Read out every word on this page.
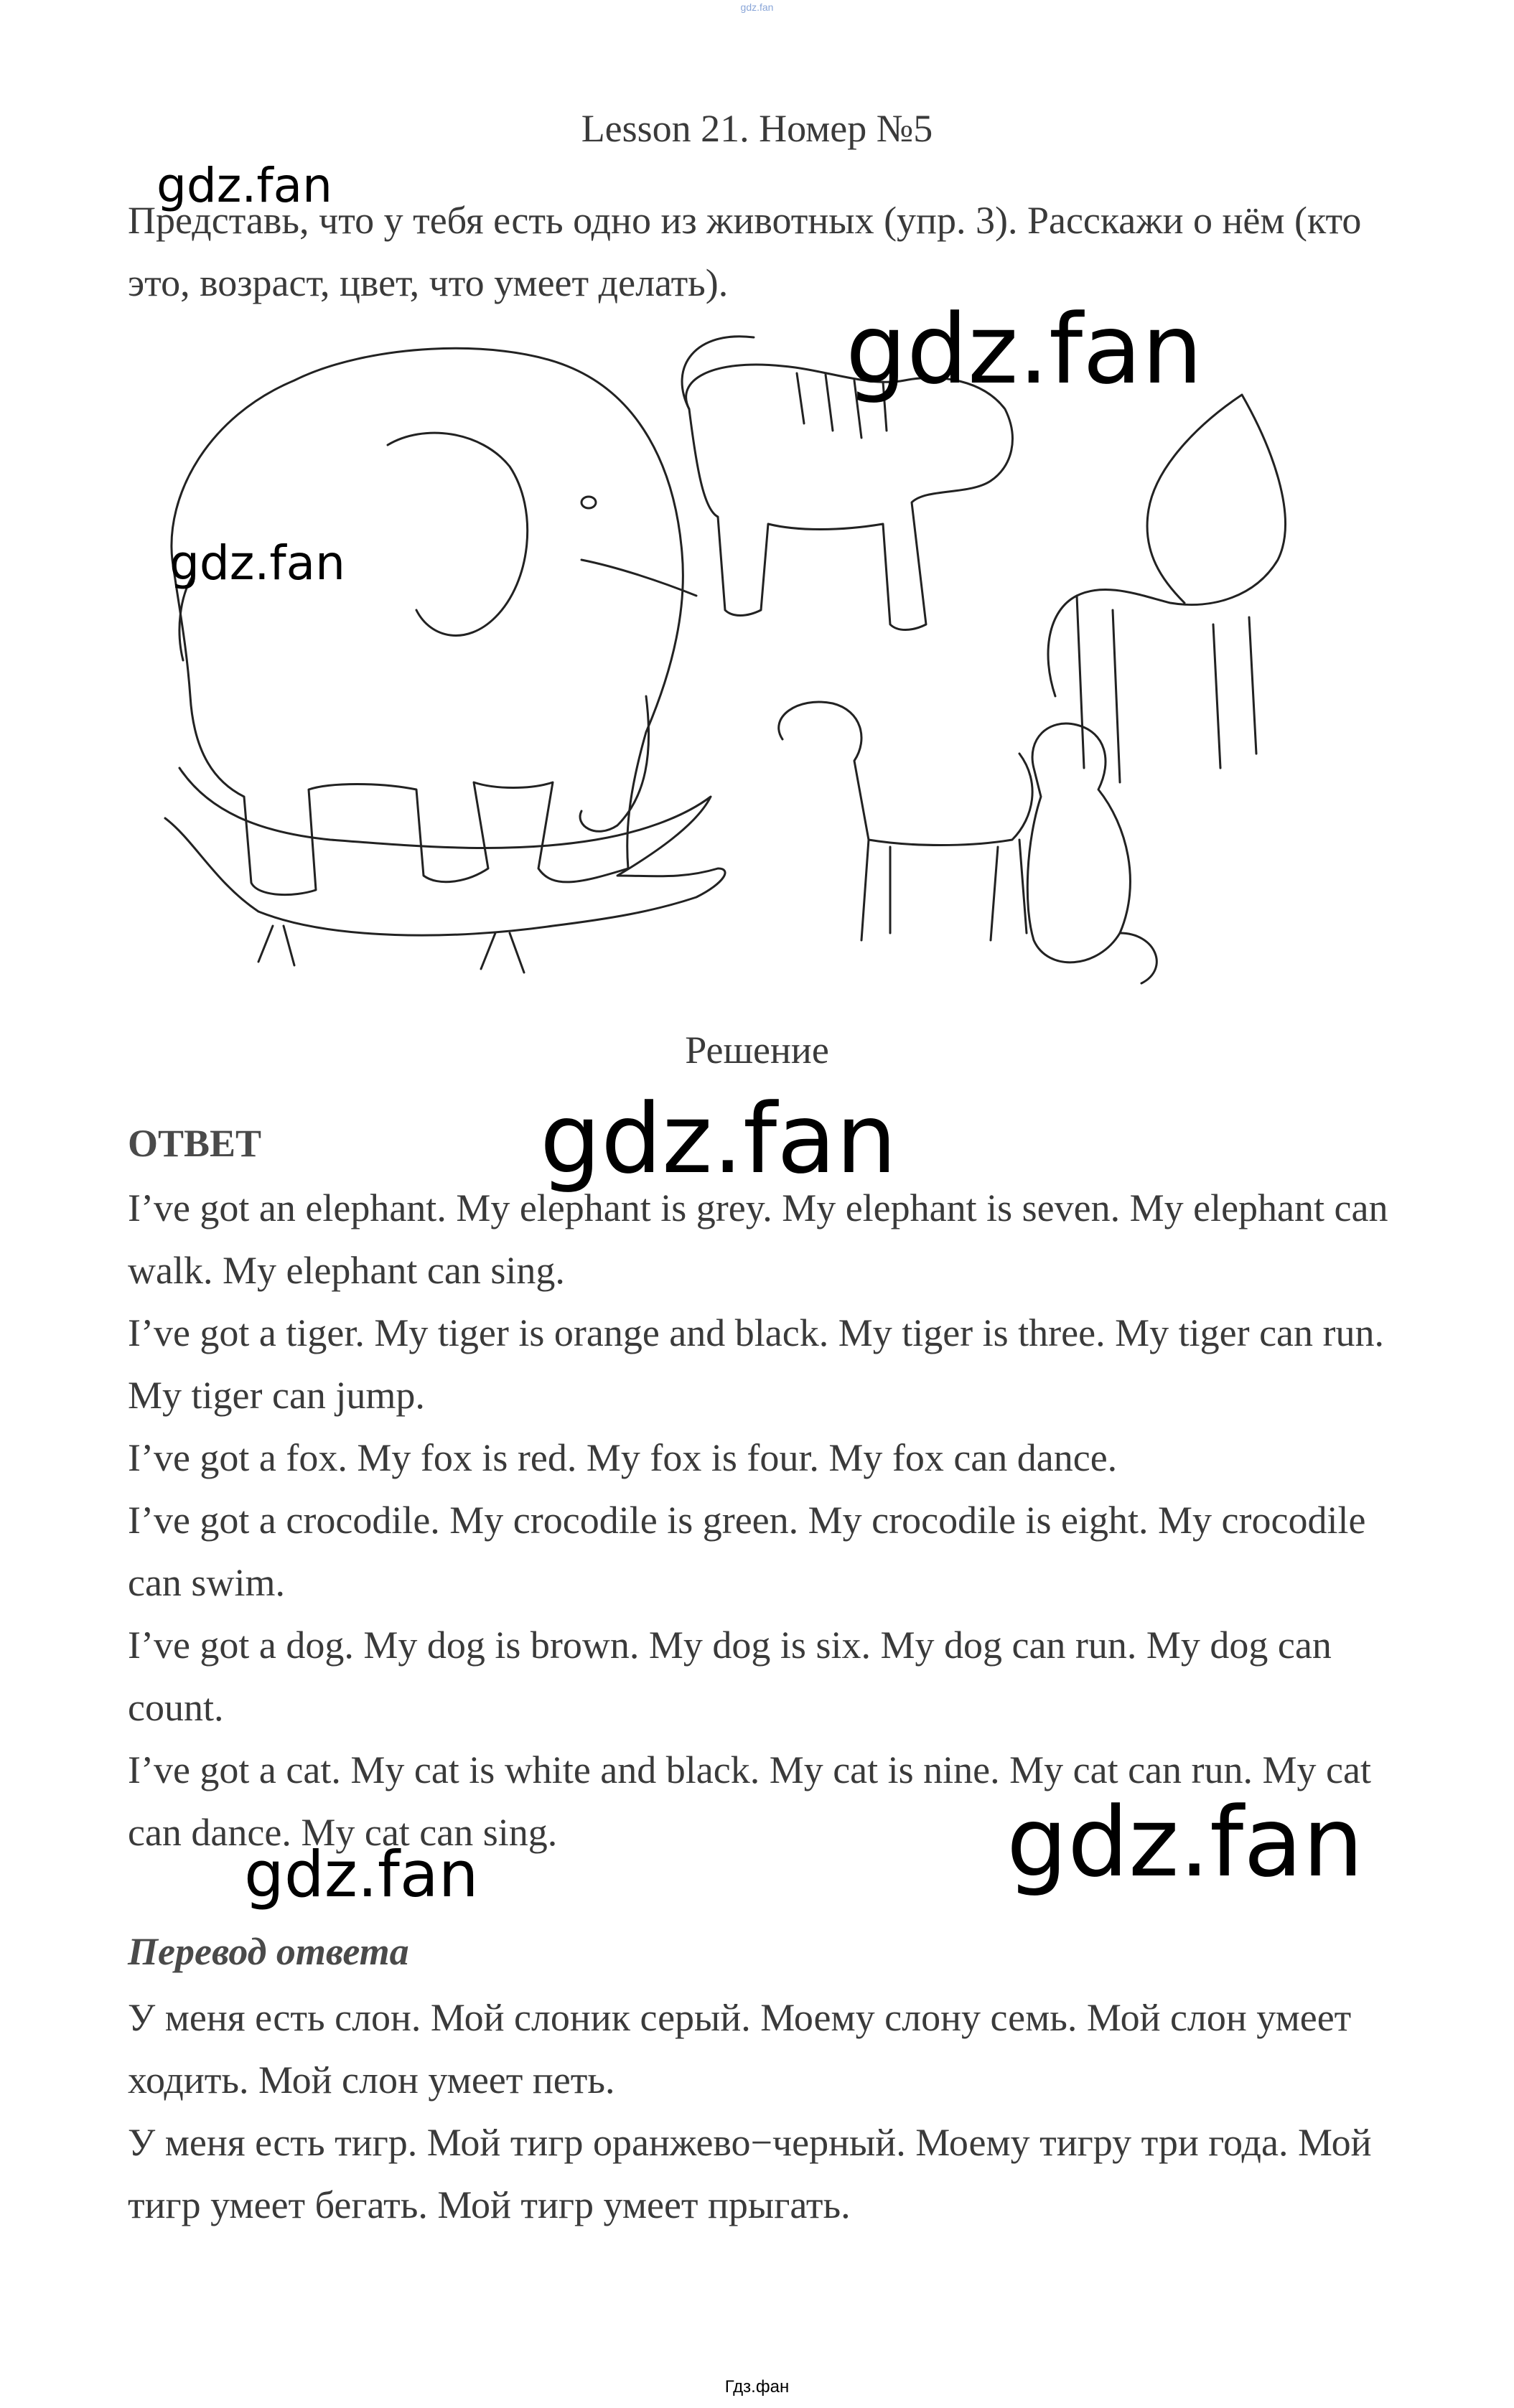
gdz.fan
Lesson 21. Номер №5
Представь, что у тебя есть одно из животных (упр. 3). Расскажи о нём (кто это, возраст, цвет, что умеет делать).
Решение
ОТВЕТ

I’ve got an elephant. My elephant is grey. My elephant is seven. My elephant can walk. My elephant can sing.

I’ve got a tiger. My tiger is orange and black. My tiger is three. My tiger can run. My tiger can jump.

I’ve got a fox. My fox is red. My fox is four. My fox can dance.

I’ve got a crocodile. My crocodile is green. My crocodile is eight. My crocodile can swim.

I’ve got a dog. My dog is brown. My dog is six. My dog can run. My dog can count.

I’ve got a cat. My cat is white and black. My cat is nine. My cat can run. My cat can dance. My cat can sing.

Перевод ответа

У меня есть слон. Мой слоник серый. Моему слону семь. Мой слон умеет ходить. Мой слон умеет петь.

У меня есть тигр. Мой тигр оранжево−черный. Моему тигру три года. Мой тигр умеет бегать. Мой тигр умеет прыгать.

gdz.fan
gdz.fan
gdz.fan
gdz.fan
gdz.fan
gdz.fan
Гдз.фан
